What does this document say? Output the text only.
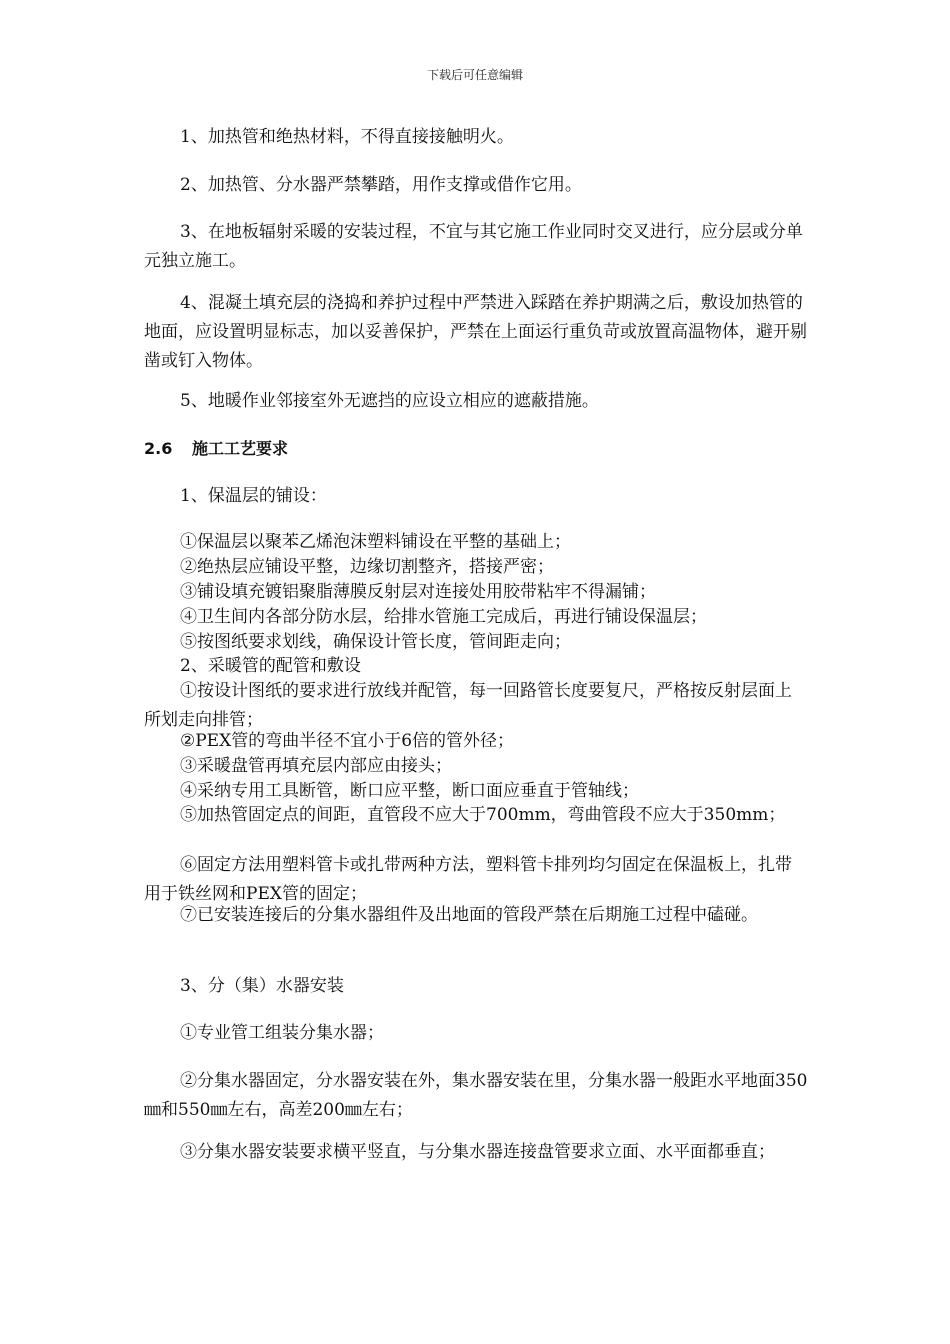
下载后可任意编辑

1、加热管和绝热材料，不得直接接触明火。

2、加热管、分水器严禁攀踏，用作支撑或借作它用。

3、在地板辐射采暖的安装过程，不宜与其它施工作业同时交叉进行，应分层或分单元独立施工。

4、混凝土填充层的浇捣和养护过程中严禁进入踩踏在养护期满之后，敷设加热管的地面，应设置明显标志，加以妥善保护，严禁在上面运行重负苛或放置高温物体，避开剔凿或钉入物体。

5、地暖作业邻接室外无遮挡的应设立相应的遮蔽措施。

2.6 施工工艺要求

1、保温层的铺设：

①保温层以聚苯乙烯泡沫塑料铺设在平整的基础上；

②绝热层应铺设平整，边缘切割整齐，搭接严密；

③铺设填充镀铝聚脂薄膜反射层对连接处用胶带粘牢不得漏铺；

④卫生间内各部分防水层，给排水管施工完成后，再进行铺设保温层；

⑤按图纸要求划线，确保设计管长度，管间距走向；

2、采暖管的配管和敷设

①按设计图纸的要求进行放线并配管，每一回路管长度要复尺，严格按反射层面上所划走向排管；

②PEX管的弯曲半径不宜小于6倍的管外径；

③采暖盘管再填充层内部应由接头；

④采纳专用工具断管，断口应平整，断口面应垂直于管轴线；

⑤加热管固定点的间距，直管段不应大于700mm，弯曲管段不应大于350mm；

⑥固定方法用塑料管卡或扎带两种方法，塑料管卡排列均匀固定在保温板上，扎带用于铁丝网和PEX管的固定；

⑦已安装连接后的分集水器组件及出地面的管段严禁在后期施工过程中磕碰。

3、分（集）水器安装

①专业管工组装分集水器；

②分集水器固定，分水器安装在外，集水器安装在里，分集水器一般距水平地面350㎜和550㎜左右，高差200㎜左右；

③分集水器安装要求横平竖直，与分集水器连接盘管要求立面、水平面都垂直；
